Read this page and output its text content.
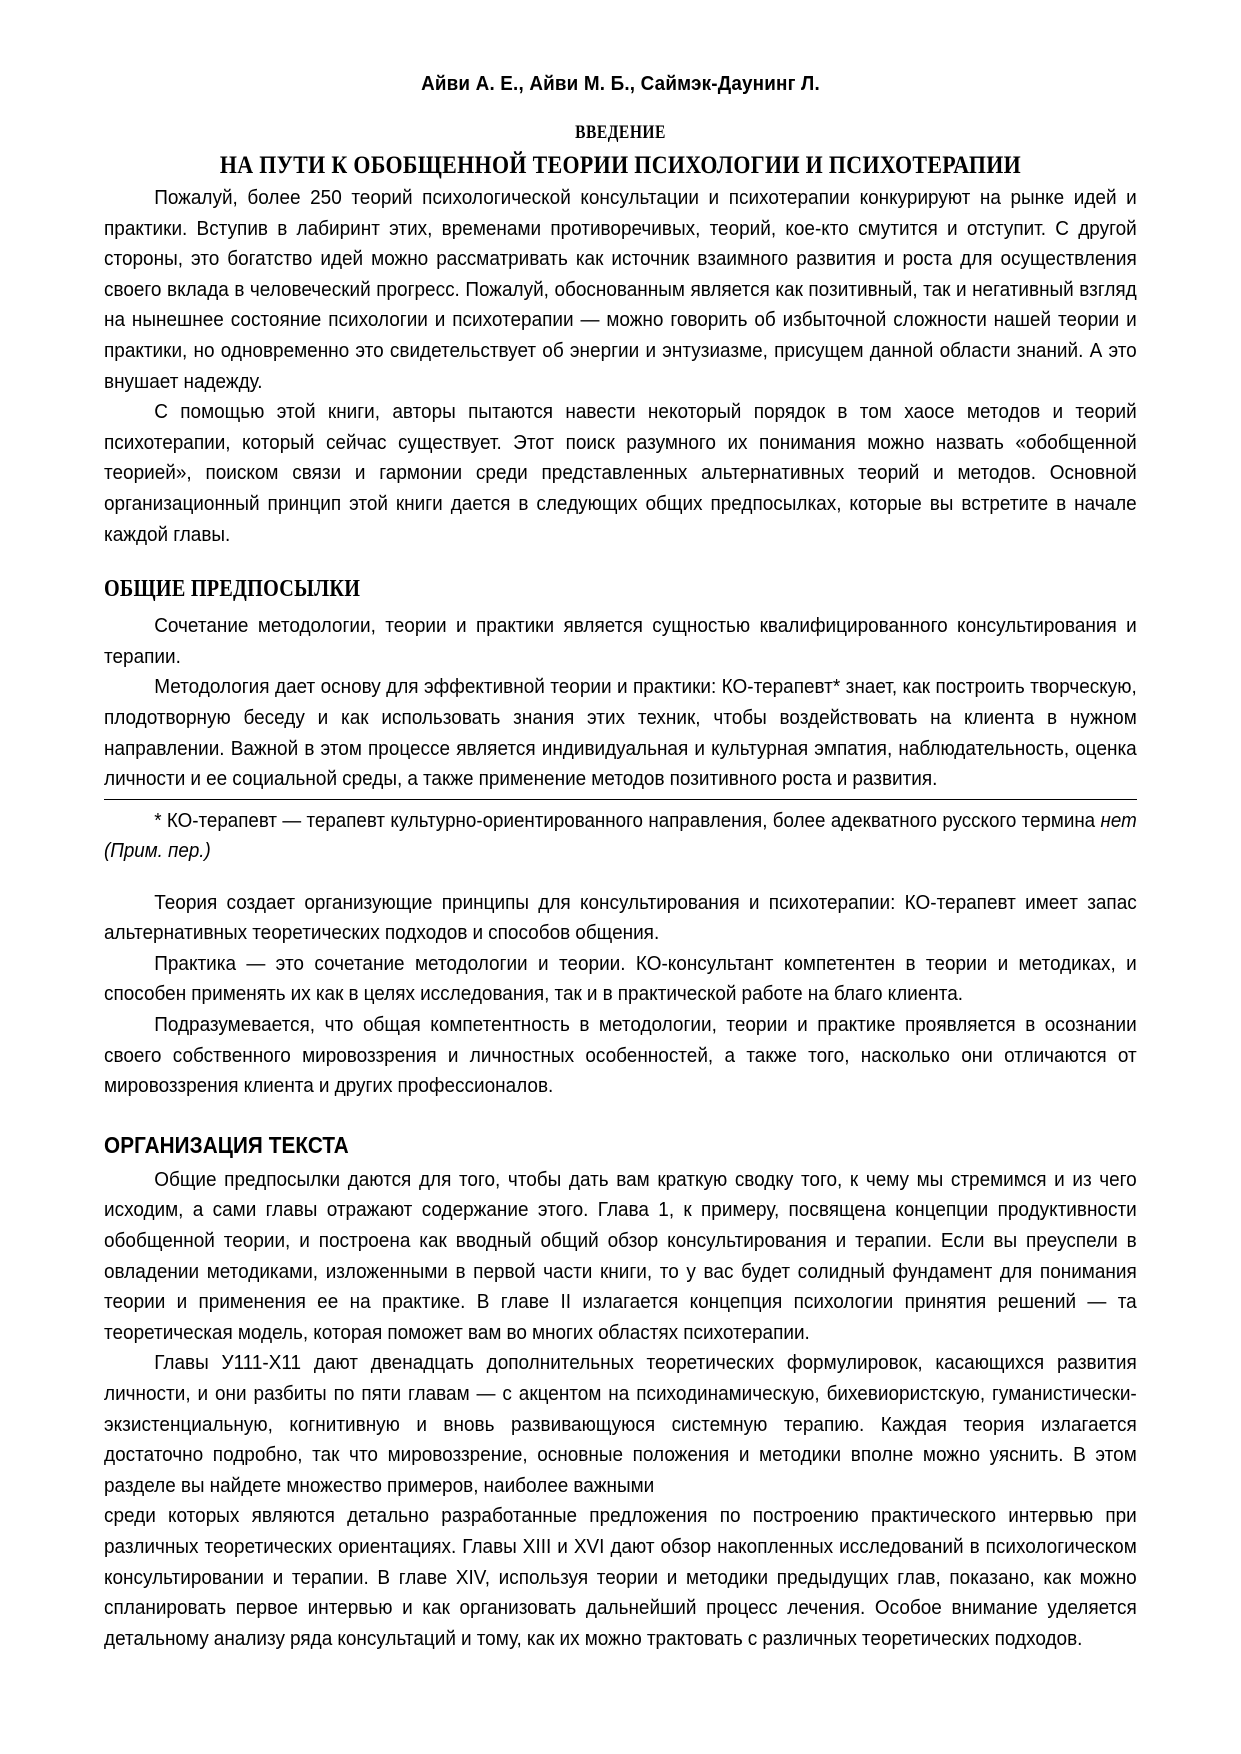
Айви А. Е., Айви М. Б., Саймэк-Даунинг Л.
ВВЕДЕНИЕ
НА ПУТИ К ОБОБЩЕННОЙ ТЕОРИИ ПСИХОЛОГИИ И ПСИХОТЕРАПИИ

Пожалуй, более 250 теорий психологической консультации и психотерапии конкурируют на рынке идей и практики. Вступив в лабиринт этих, временами противоречивых, теорий, кое-кто смутится и отступит. С другой стороны, это богатство идей можно рассматривать как источник взаимного развития и роста для осуществления своего вклада в человеческий прогресс. Пожалуй, обоснованным является как позитивный, так и негативный взгляд на нынешнее состояние психологии и психотерапии — можно говорить об избыточной сложности нашей теории и практики, но одновременно это свидетельствует об энергии и энтузиазме, присущем данной области знаний. А это внушает надежду.

С помощью этой книги, авторы пытаются навести некоторый порядок в том хаосе методов и теорий психотерапии, который сейчас существует. Этот поиск разумного их понимания можно назвать «обобщенной теорией», поиском связи и гармонии среди представленных альтернативных теорий и методов. Основной организационный принцип этой книги дается в следующих общих предпосылках, которые вы встретите в начале каждой главы.

ОБЩИЕ ПРЕДПОСЫЛКИ

Сочетание методологии, теории и практики является сущностью квалифицированного консультирования и терапии.

Методология дает основу для эффективной теории и практики: КО-терапевт* знает, как построить творческую, плодотворную беседу и как использовать знания этих техник, чтобы воздействовать на клиента в нужном направлении. Важной в этом процессе является индивидуальная и культурная эмпатия, наблюдательность, оценка личности и ее социальной среды, а также применение методов позитивного роста и развития.

* КО-терапевт — терапевт культурно-ориентированного направления, более адекватного русского термина нет (Прим. пер.)

Теория создает организующие принципы для консультирования и психотерапии: КО-терапевт имеет запас альтернативных теоретических подходов и способов общения.

Практика — это сочетание методологии и теории. КО-консультант компетентен в теории и методиках, и способен применять их как в целях исследования, так и в практической работе на благо клиента.

Подразумевается, что общая компетентность в методологии, теории и практике проявляется в осознании своего собственного мировоззрения и личностных особенностей, а также того, насколько они отличаются от мировоззрения клиента и других профессионалов.

ОРГАНИЗАЦИЯ ТЕКСТА

Общие предпосылки даются для того, чтобы дать вам краткую сводку того, к чему мы стремимся и из чего исходим, а сами главы отражают содержание этого. Глава 1, к примеру, посвящена концепции продуктивности обобщенной теории, и построена как вводный общий обзор консультирования и терапии. Если вы преуспели в овладении методиками, изложенными в первой части книги, то у вас будет солидный фундамент для понимания теории и применения ее на практике. В главе II излагается концепция психологии принятия решений — та теоретическая модель, которая поможет вам во многих областях психотерапии.

Главы У111-Х11 дают двенадцать дополнительных теоретических формулировок, касающихся развития личности, и они разбиты по пяти главам — с акцентом на психодинамическую, бихевиористскую, гуманистически-экзистенциальную, когнитивную и вновь развивающуюся системную терапию. Каждая теория излагается достаточно подробно, так что мировоззрение, основные положения и методики вполне можно уяснить. В этом разделе вы найдете множество примеров, наиболее важными

среди которых являются детально разработанные предложения по построению практического интервью при различных теоретических ориентациях. Главы XIII и XVI дают обзор накопленных исследований в психологическом консультировании и терапии. В главе XIV, используя теории и методики предыдущих глав, показано, как можно спланировать первое интервью и как организовать дальнейший процесс лечения. Особое внимание уделяется детальному анализу ряда консультаций и тому, как их можно трактовать с различных теоретических подходов.
